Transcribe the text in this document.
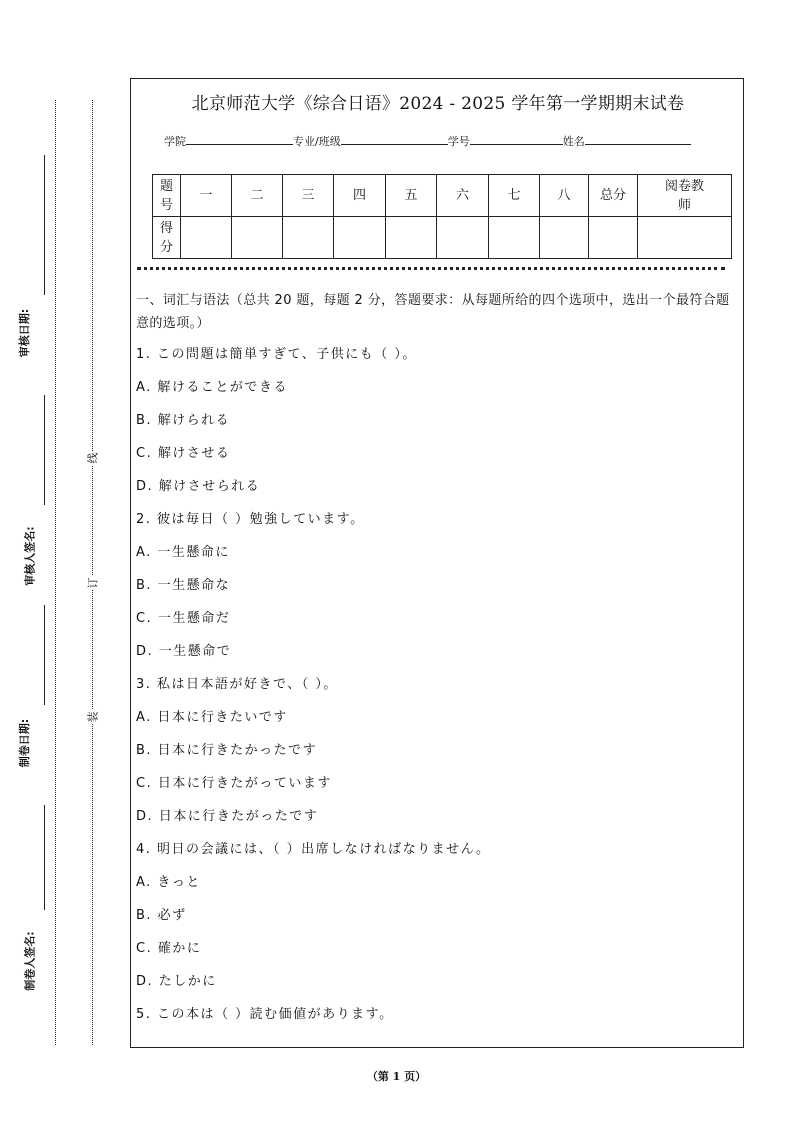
审核日期:
审核人签名:
制卷日期:
制卷人签名:
线
订
装
北京师范大学《综合日语》2024 - 2025 学年第一学期期末试卷
学院	专业/班级	学号	姓名
题号	一	二	三	四	五	六	七	八	总分	阅卷教师
得分										
一、词汇与语法（总共 20 题，每题 2 分，答题要求：从每题所给的四个选项中，选出一个最符合题意的选项。）
1. この問題は簡単すぎて、子供にも（ ）。
A. 解けることができる
B. 解けられる
C. 解けさせる
D. 解けさせられる
2. 彼は毎日（ ）勉強しています。
A. 一生懸命に
B. 一生懸命な
C. 一生懸命だ
D. 一生懸命で
3. 私は日本語が好きで、（ ）。
A. 日本に行きたいです
B. 日本に行きたかったです
C. 日本に行きたがっています
D. 日本に行きたがったです
4. 明日の会議には、（ ）出席しなければなりません。
A. きっと
B. 必ず
C. 確かに
D. たしかに
5. この本は（ ）読む価値があります。
（第 1 页）
